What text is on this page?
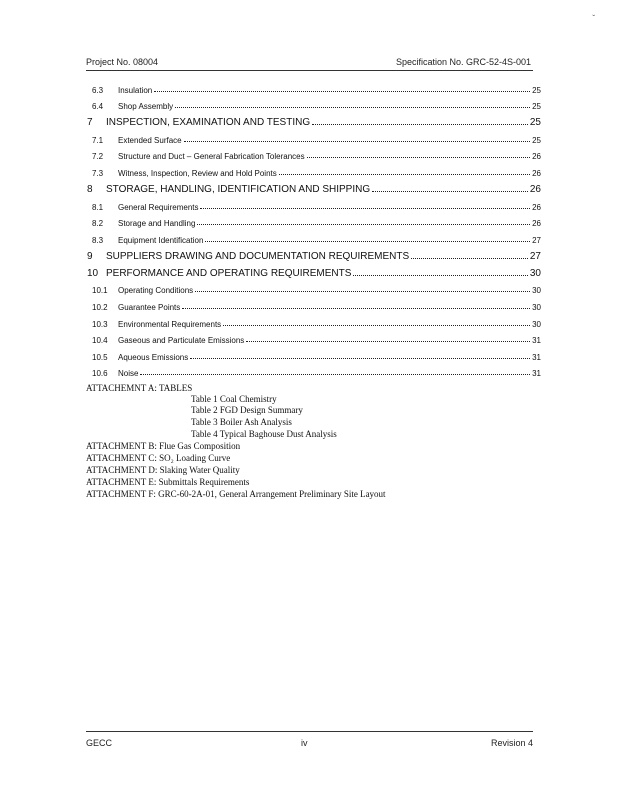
ˇ
Project No. 08004	Specification No. GRC-52-4S-001
6.3	Insulation	25
6.4	Shop Assembly	25
7	INSPECTION, EXAMINATION AND TESTING	25
7.1	Extended Surface	25
7.2	Structure and Duct – General Fabrication Tolerances	26
7.3	Witness, Inspection, Review and Hold Points	26
8	STORAGE, HANDLING, IDENTIFICATION AND SHIPPING	26
8.1	General Requirements	26
8.2	Storage and Handling	26
8.3	Equipment Identification	27
9	SUPPLIERS DRAWING AND DOCUMENTATION REQUIREMENTS	27
10 PERFORMANCE AND OPERATING REQUIREMENTS	30
10.1	Operating Conditions	30
10.2	Guarantee Points	30
10.3	Environmental Requirements	30
10.4	Gaseous and Particulate Emissions	31
10.5	Aqueous Emissions	31
10.6	Noise	31
ATTACHEMNT A: TABLES
Table 1 Coal Chemistry
Table 2 FGD Design Summary
Table 3 Boiler Ash Analysis
Table 4 Typical Baghouse Dust Analysis
ATTACHMENT B: Flue Gas Composition
ATTACHMENT C: SO₂ Loading Curve
ATTACHMENT D: Slaking Water Quality
ATTACHMENT E: Submittals Requirements
ATTACHMENT F: GRC-60-2A-01, General Arrangement Preliminary Site Layout
GECC	iv	Revision 4
